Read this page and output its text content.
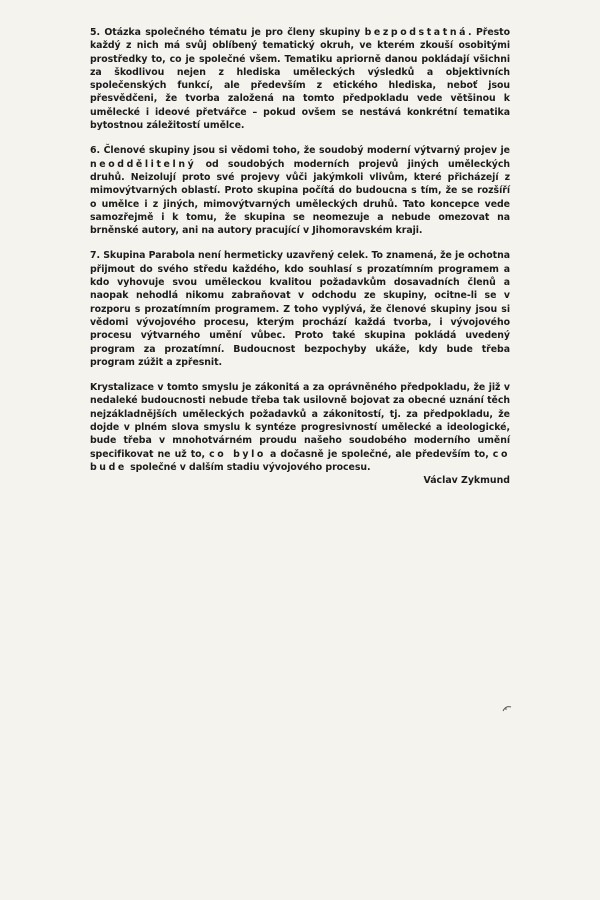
5. Otázka společného tématu je pro členy skupiny bezpodstatná. Přesto každý z nich má svůj oblíbený tematický okruh, ve kterém zkouší osobitými prostředky to, co je společné všem. Tematiku apriorně danou pokládají všichni za škodlivou nejen z hlediska uměleckých výsledků a objektivních společenských funkcí, ale především z etického hlediska, neboť jsou přesvědčeni, že tvorba založená na tomto předpokladu vede většinou k umělecké i ideové přetvářce – pokud ovšem se nestává konkrétní tematika bytostnou záležitostí umělce.

6. Členové skupiny jsou si vědomi toho, že soudobý moderní výtvarný projev je neoddělitelný od soudobých moderních projevů jiných uměleckých druhů. Neizolují proto své projevy vůči jakýmkoli vlivům, které přicházejí z mimovýtvarných oblastí. Proto skupina počítá do budoucna s tím, že se rozšíří o umělce i z jiných, mimovýtvarných uměleckých druhů. Tato koncepce vede samozřejmě i k tomu, že skupina se neomezuje a nebude omezovat na brněnské autory, ani na autory pracující v Jihomoravském kraji.

7. Skupina Parabola není hermeticky uzavřený celek. To znamená, že je ochotna přijmout do svého středu každého, kdo souhlasí s prozatímním programem a kdo vyhovuje svou uměleckou kvalitou požadavkům dosavadních členů a naopak nehodlá nikomu zabraňovat v odchodu ze skupiny, ocitne-li se v rozporu s prozatímním programem. Z toho vyplývá, že členové skupiny jsou si vědomi vývojového procesu, kterým prochází každá tvorba, i vývojového procesu výtvarného umění vůbec. Proto také skupina pokládá uvedený program za prozatímní. Budoucnost bezpochyby ukáže, kdy bude třeba program zúžit a zpřesnit.

Krystalizace v tomto smyslu je zákonitá a za oprávněného předpokladu, že již v nedaleké budoucnosti nebude třeba tak usilovně bojovat za obecné uznání těch nejzákladnějších uměleckých požadavků a zákonitostí, tj. za předpokladu, že dojde v plném slova smyslu k syntéze progresivností umělecké a ideologické, bude třeba v mnohotvárném proudu našeho soudobého moderního umění specifikovat ne už to, co bylo a dočasně je společné, ale především to, co bude společné v dalším stadiu vývojového procesu.

Václav Zykmund
